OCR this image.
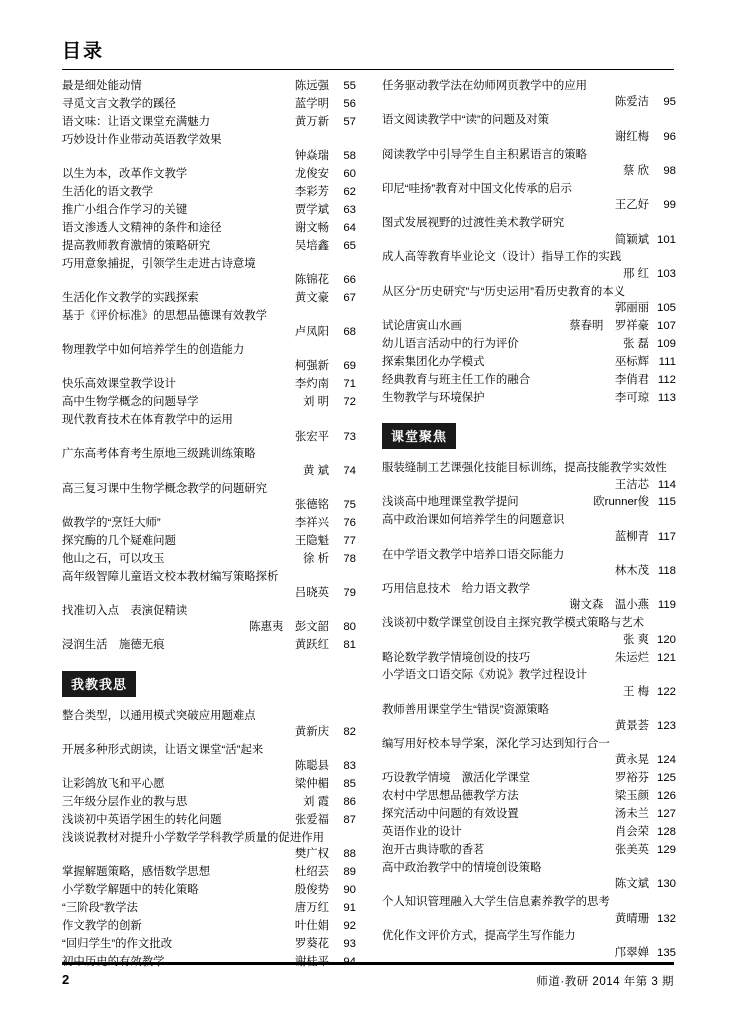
目录
最是细处能动情	陈远强 55
寻觅文言文教学的蹊径	蓝学明 56
语文味：让语文课堂充满魅力	黄万新 57
巧妙设计作业带动英语教学效果
钟焱瑞 58
以生为本，改革作文教学	龙俊安 60
生活化的语文教学	李彩芳 62
推广小组合作学习的关键	贾学斌 63
语文渗透人文精神的条件和途径	谢文畅 64
提高教师教育激情的策略研究	吴培鑫 65
巧用意象捕捉，引领学生走进古诗意境
陈锦花 66
生活化作文教学的实践探索	黄文豪 67
基于《评价标准》的思想品德课有效教学
卢凤阳 68
物理教学中如何培养学生的创造能力
柯强新 69
快乐高效课堂教学设计	李灼南 71
高中生物学概念的问题导学	刘 明 72
现代教育技术在体育教学中的运用
张宏平 73
广东高考体育考生原地三级跳训练策略
黄 斌 74
高三复习课中生物学概念教学的问题研究
张德铭 75
做教学的“烹饪大师”	李祥兴 76
探究酶的几个疑难问题	王隐魁 77
他山之石，可以攻玉	徐 析 78
高年级智障儿童语文校本教材编写策略探析
吕晓英 79
找准切入点　表演促精读
陈惠夷　彭文韶 80
浸润生活　施德无痕	黄跃红 81
我教我思
整合类型，以通用模式突破应用题难点
黄新庆 82
开展多种形式朗读，让语文课堂“活”起来
陈聪县 83
让彩鸽放飞和平心愿	梁仲楣 85
三年级分层作业的教与思	刘 霞 86
浅谈初中英语学困生的转化问题	张爱福 87
浅谈说教材对提升小学数学学科教学质量的促进作用
樊广权 88
掌握解题策略，感悟数学思想	杜绍芸 89
小学数学解题中的转化策略	殷俊势 90
“三阶段”教学法	唐万红 91
作文教学的创新	叶仕娟 92
“回归学生”的作文批改	罗葵花 93
初中历史的有效教学	谢桂平 94
任务驱动教学法在幼师网页教学中的应用
陈爱洁 95
语文阅读教学中“读”的问题及对策
谢红梅 96
阅读教学中引导学生自主积累语言的策略
蔡 欣 98
印尼“哇扬”教育对中国文化传承的启示
王乙好 99
图式发展视野的过渡性美术教学研究
简颖斌 101
成人高等教育毕业论文（设计）指导工作的实践
邢 红 103
从区分“历史研究”与“历史运用”看历史教育的本义
郭丽丽 105
试论唐寅山水画	蔡春明　罗祥豪 107
幼儿语言活动中的行为评价	张 磊 109
探索集团化办学模式	巫标辉 111
经典教育与班主任工作的融合	李俏君 112
生物教学与环境保护	李可琼 113
课堂聚焦
服装缝制工艺课强化技能目标训练，提高技能教学实效性
王洁芯 114
浅谈高中地理课堂教学提问	欧runner俊 115
高中政治课如何培养学生的问题意识
蓝柳青 117
在中学语文教学中培养口语交际能力
林木茂 118
巧用信息技术　给力语文教学
谢文森　温小燕 119
浅谈初中数学课堂创设自主探究教学模式策略与艺术
张 爽 120
略论数学教学情境创设的技巧	朱运烂 121
小学语文口语交际《劝说》教学过程设计
王 梅 122
教师善用课堂学生“错误”资源策略
黄景荟 123
编写用好校本导学案，深化学习达到知行合一
黄永晃 124
巧设教学情境　激活化学课堂	罗裕芬 125
农村中学思想品德教学方法	梁玉颜 126
探究活动中问题的有效设置	汤未兰 127
英语作业的设计	肖会荣 128
泡开古典诗歌的香茗	张美英 129
高中政治教学中的情境创设策略
陈文斌 130
个人知识管理融入大学生信息素养教学的思考
黄晴珊 132
优化作文评价方式，提高学生写作能力
邝翠婵 135
2	师道·教研 2014 年第 3 期
